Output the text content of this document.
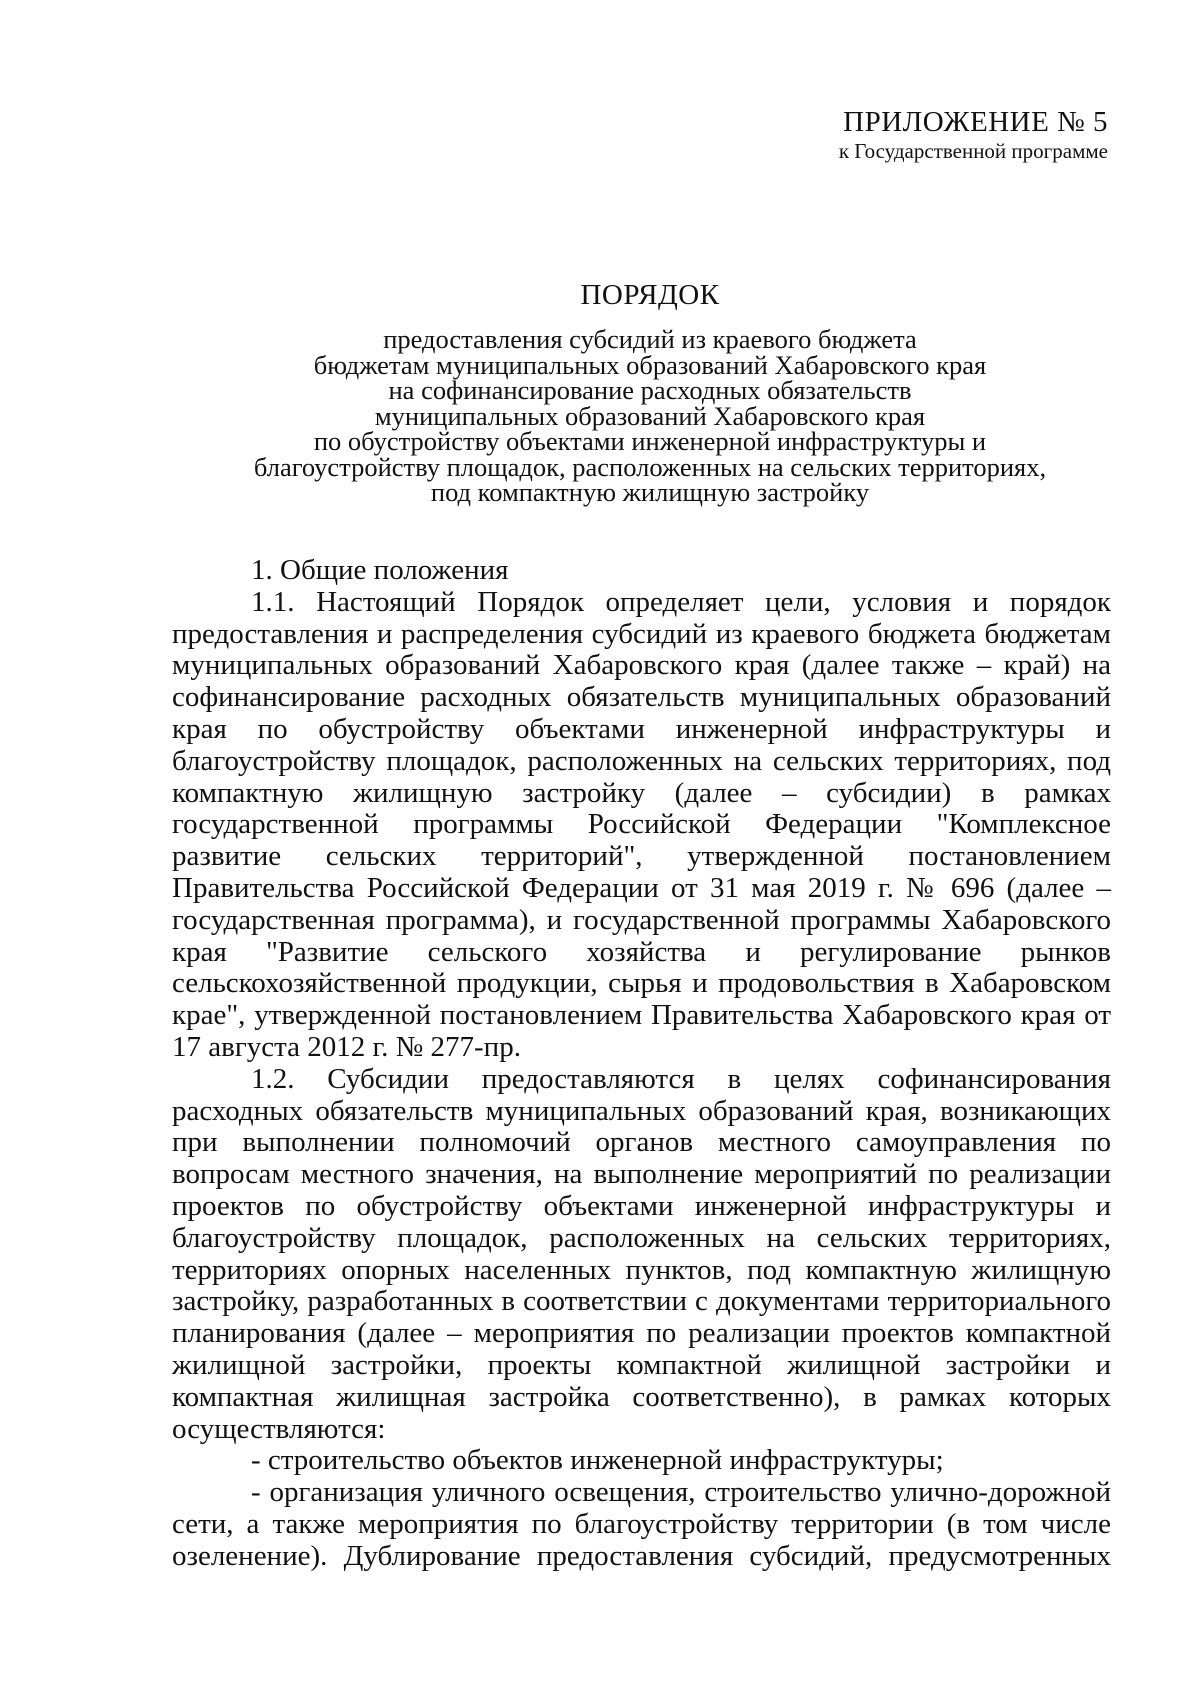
ПРИЛОЖЕНИЕ № 5
к Государственной программе
ПОРЯДОК
предоставления субсидий из краевого бюджета
бюджетам муниципальных образований Хабаровского края
на софинансирование расходных обязательств
муниципальных образований Хабаровского края
по обустройству объектами инженерной инфраструктуры и
благоустройству площадок, расположенных на сельских территориях,
под компактную жилищную застройку

1. Общие положения

1.1. Настоящий Порядок определяет цели, условия и порядок предоставления и распределения субсидий из краевого бюджета бюджетам муниципальных образований Хабаровского края (далее также – край) на софинансирование расходных обязательств муниципальных образований края по обустройству объектами инженерной инфраструктуры и благоустройству площадок, расположенных на сельских территориях, под компактную жилищную застройку (далее – субсидии) в рамках государственной программы Российской Федерации "Комплексное развитие сельских территорий", утвержденной постановлением Правительства Российской Федерации от 31 мая 2019 г. № 696 (далее – государственная программа), и государственной программы Хабаровского края "Развитие сельского хозяйства и регулирование рынков сельскохозяйственной продукции, сырья и продовольствия в Хабаровском крае", утвержденной постановлением Правительства Хабаровского края от 17 августа 2012 г. № 277-пр.

1.2. Субсидии предоставляются в целях софинансирования расходных обязательств муниципальных образований края, возникающих при выполнении полномочий органов местного самоуправления по вопросам местного значения, на выполнение мероприятий по реализации проектов по обустройству объектами инженерной инфраструктуры и благоустройству площадок, расположенных на сельских территориях, территориях опорных населенных пунктов, под компактную жилищную застройку, разработанных в соответствии с документами территориального планирования (далее – мероприятия по реализации проектов компактной жилищной застройки, проекты компактной жилищной застройки и компактная жилищная застройка соответственно), в рамках которых осуществляются:

- строительство объектов инженерной инфраструктуры;

- организация уличного освещения, строительство улично-дорожной сети, а также мероприятия по благоустройству территории (в том числе озеленение). Дублирование предоставления субсидий, предусмотренных
